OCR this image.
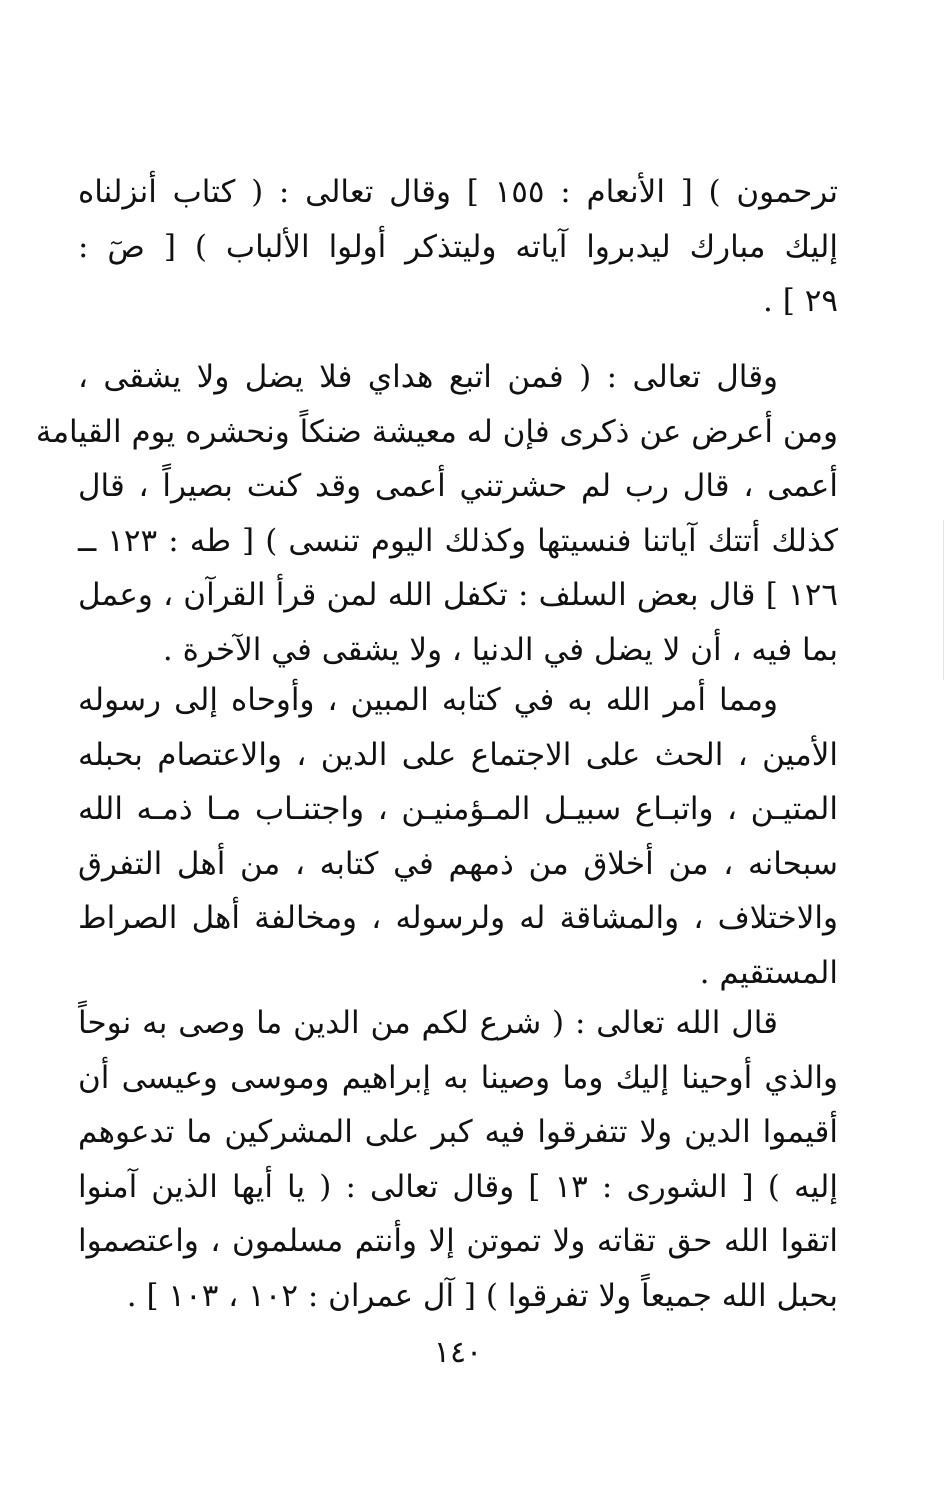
ترحمون ) [ الأنعام : ١٥٥ ] وقال تعالى : ( كتاب أنزلناه
إليك مبارك ليدبروا آياته وليتذكر أولوا الألباب ) [ صٓ :
٢٩ ] .
وقال تعالى : ( فمن اتبع هداي فلا يضل ولا يشقى ،
ومن أعرض عن ذكرى فإن له معيشة ضنكاً ونحشره يوم القيامة
أعمى ، قال رب لم حشرتني أعمى وقد كنت بصيراً ، قال
كذلك أتتك آياتنا فنسيتها وكذلك اليوم تنسى ) [ طه : ١٢٣ ــ
١٢٦ ] قال بعض السلف : تكفل الله لمن قرأ القرآن ، وعمل
بما فيه ، أن لا يضل في الدنيا ، ولا يشقى في الآخرة .
ومما أمر الله به في كتابه المبين ، وأوحاه إلى رسوله
الأمين ، الحث على الاجتماع على الدين ، والاعتصام بحبله
المتيـن ، واتبـاع سبيـل المـؤمنيـن ، واجتنـاب مـا ذمـه الله
سبحانه ، من أخلاق من ذمهم في كتابه ، من أهل التفرق
والاختلاف ، والمشاقة له ولرسوله ، ومخالفة أهل الصراط
المستقيم .
قال الله تعالى : ( شرع لكم من الدين ما وصى به نوحاً
والذي أوحينا إليك وما وصينا به إبراهيم وموسى وعيسى أن
أقيموا الدين ولا تتفرقوا فيه كبر على المشركين ما تدعوهم
إليه ) [ الشورى : ١٣ ] وقال تعالى : ( يا أيها الذين آمنوا
اتقوا الله حق تقاته ولا تموتن إلا وأنتم مسلمون ، واعتصموا
بحبل الله جميعاً ولا تفرقوا ) [ آل عمران : ١٠٢ ، ١٠٣ ] .
١٤٠
